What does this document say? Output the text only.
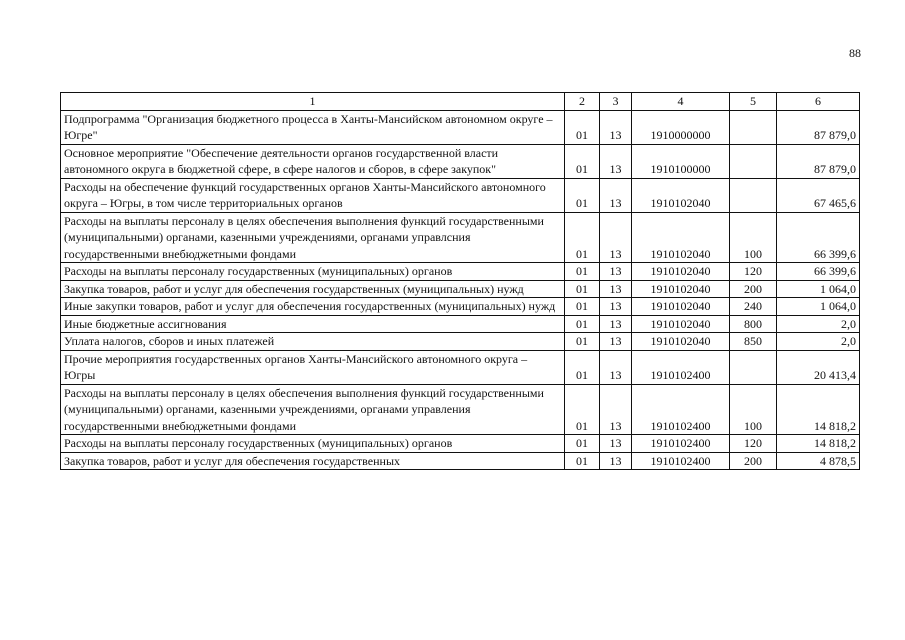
88
1	2	3	4	5	6
Подпрограмма "Организация бюджетного процесса в Ханты-Мансийском автономном округе – Югре"	01	13	1910000000		87 879,0
Основное мероприятие "Обеспечение деятельности органов государственной власти автономного округа в бюджетной сфере, в сфере налогов и сборов, в сфере закупок"	01	13	1910100000		87 879,0
Расходы на обеспечение функций государственных органов Ханты-Мансийского автономного округа – Югры, в том числе территориальных органов	01	13	1910102040		67 465,6
Расходы на выплаты персоналу в целях обеспечения выполнения функций государственными (муниципальными) органами, казенными учреждениями, органами управлсния государственными внебюджетными фондами	01	13	1910102040	100	66 399,6
Расходы на выплаты персоналу государственных (муниципальных) органов	01	13	1910102040	120	66 399,6
Закупка товаров, работ и услуг для обеспечения государственных (муниципальных) нужд	01	13	1910102040	200	1 064,0
Иные закупки товаров, работ и услуг для обеспечения государственных (муниципальных) нужд	01	13	1910102040	240	1 064,0
Иные бюджетные ассигнования	01	13	1910102040	800	2,0
Уплата налогов, сборов и иных платежей	01	13	1910102040	850	2,0
Прочие мероприятия государственных органов Ханты-Мансийского автономного округа – Югры	01	13	1910102400		20 413,4
Расходы на выплаты персоналу в целях обеспечения выполнения функций государственными (муниципальными) органами, казенными учреждениями, органами управления государственными внебюджетными фондами	01	13	1910102400	100	14 818,2
Расходы на выплаты персоналу государственных (муниципальных) органов	01	13	1910102400	120	14 818,2
Закупка товаров, работ и услуг для обеспечения государственных	01	13	1910102400	200	4 878,5
